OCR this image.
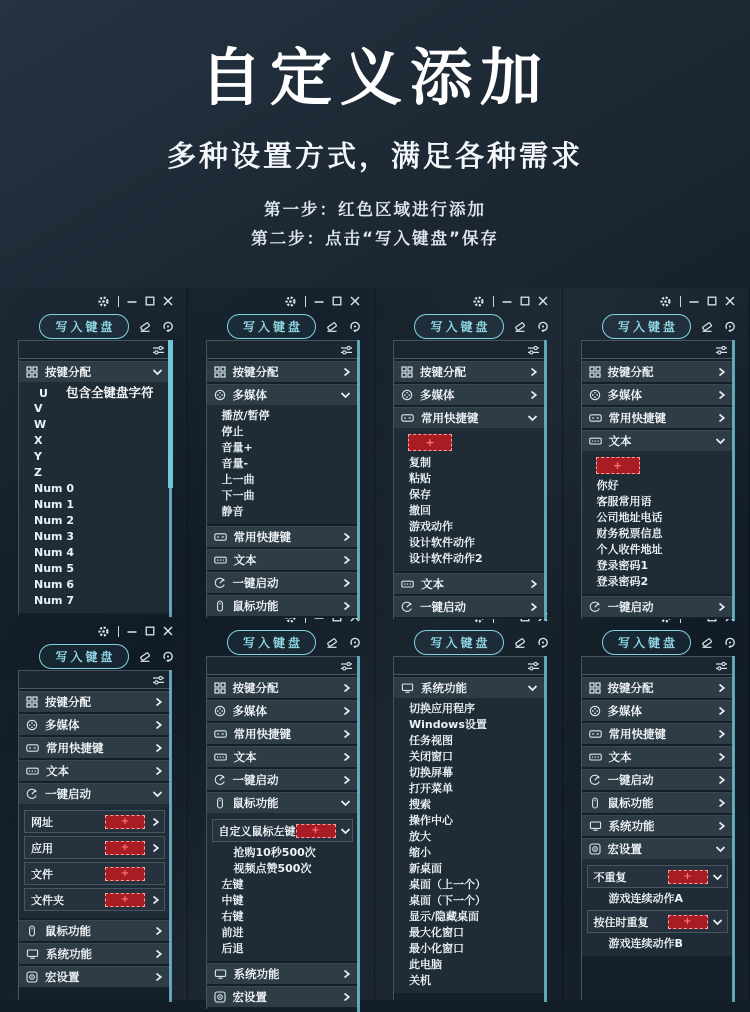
自定义添加
多种设置方式，满足各种需求
第一步：红色区域进行添加
第二步：点击“写入键盘”保存
写入键盘
按键分配
U 包含全键盘字符
V
W
X
Y
Z
Num 0
Num 1
Num 2
Num 3
Num 4
Num 5
Num 6
Num 7
写入键盘
按键分配
多媒体
播放/暂停
停止
音量+
音量-
上一曲
下一曲
静音
常用快捷键
文本
一键启动
鼠标功能
写入键盘
按键分配
多媒体
常用快捷键
+
复制
粘贴
保存
撤回
游戏动作
设计软件动作
设计软件动作2
文本
一键启动
写入键盘
按键分配
多媒体
常用快捷键
文本
+
你好
客服常用语
公司地址电话
财务税票信息
个人收件地址
登录密码1
登录密码2
一键启动
写入键盘
按键分配
多媒体
常用快捷键
文本
一键启动
网址	+
应用	+
文件	+
文件夹	+
鼠标功能
系统功能
宏设置
写入键盘
按键分配
多媒体
常用快捷键
文本
一键启动
鼠标功能
自定义鼠标左键 +
抢购10秒500次
视频点赞500次
左键
中键
右键
前进
后退
系统功能
宏设置
写入键盘
系统功能
切换应用程序
Windows设置
任务视图
关闭窗口
切换屏幕
打开菜单
搜索
操作中心
放大
缩小
新桌面
桌面（上一个）
桌面（下一个）
显示/隐藏桌面
最大化窗口
最小化窗口
此电脑
关机
写入键盘
按键分配
多媒体
常用快捷键
文本
一键启动
鼠标功能
系统功能
宏设置
不重复	+
游戏连续动作A
按住时重复	+
游戏连续动作B
